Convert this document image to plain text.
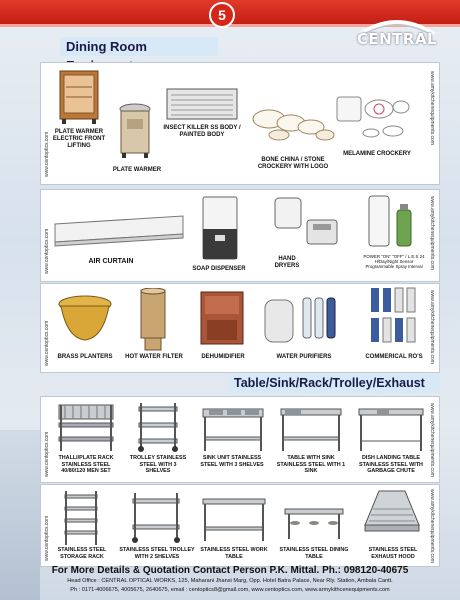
5
CENTRAL
Dining Room
www.centoptics.com
www.amykitchenequipments.com
PLATE WARMER ELECTRIC FRONT LIFTING
PLATE WARMER
INSECT KILLER SS BODY / PAINTED BODY
BONE CHINA / STONE CROCKERY WITH LOGO
MELAMINE CROCKERY
www.centoptics.com	www.amykitchenequipments.com
AIR CURTAIN
SOAP DISPENSER
HAND DRYERS
POWER "ON" "OFF" / L.E.S 24 H/Day/Night Sensor Programmable Spray Interval
www.centoptics.com	www.amykitchenequipments.com
BRASS PLANTERS	HOT WATER FILTER	DEHUMIDIFIER	WATER PURIFIERS	COMMERICAL RO'S
Table/Sink/Rack/Trolley/Exhaust
www.centoptics.com	www.amykitchenequipments.com
THALLI/PLATE RACK STAINLESS STEEL 40/80/120 MEN SET
TROLLEY STAINLESS STEEL WITH 3 SHELVES
SINK UNIT STAINLESS STEEL WITH 3 SHELVES
TABLE WITH SINK STAINLESS STEEL WITH 1 SINK
DISH LANDING TABLE STAINLESS STEEL WITH GARBAGE CHUTE
www.centoptics.com	www.amykitchenequipments.com
STAINLESS STEEL STORAGE RACK
STAINLESS STEEL TROLLEY WITH 2 SHELVES
STAINLESS STEEL WORK TABLE
STAINLESS STEEL DINING TABLE
STAINLESS STEEL EXHAUST HOOD
For More Details & Quotation Contact Person P.K. Mittal. Ph.: 098120-40675
Head Office : CENTRAL OPTICAL WORKS, 125, Maharani Jhansi Marg, Opp. Hotel Batra Palace, Near Rly. Station, Ambala Cantt.
Ph : 0171-4006675, 4005675, 2640675, email : centoptics8@gmail.com, www.centoptics.com, www.armykithcenequipments.com
